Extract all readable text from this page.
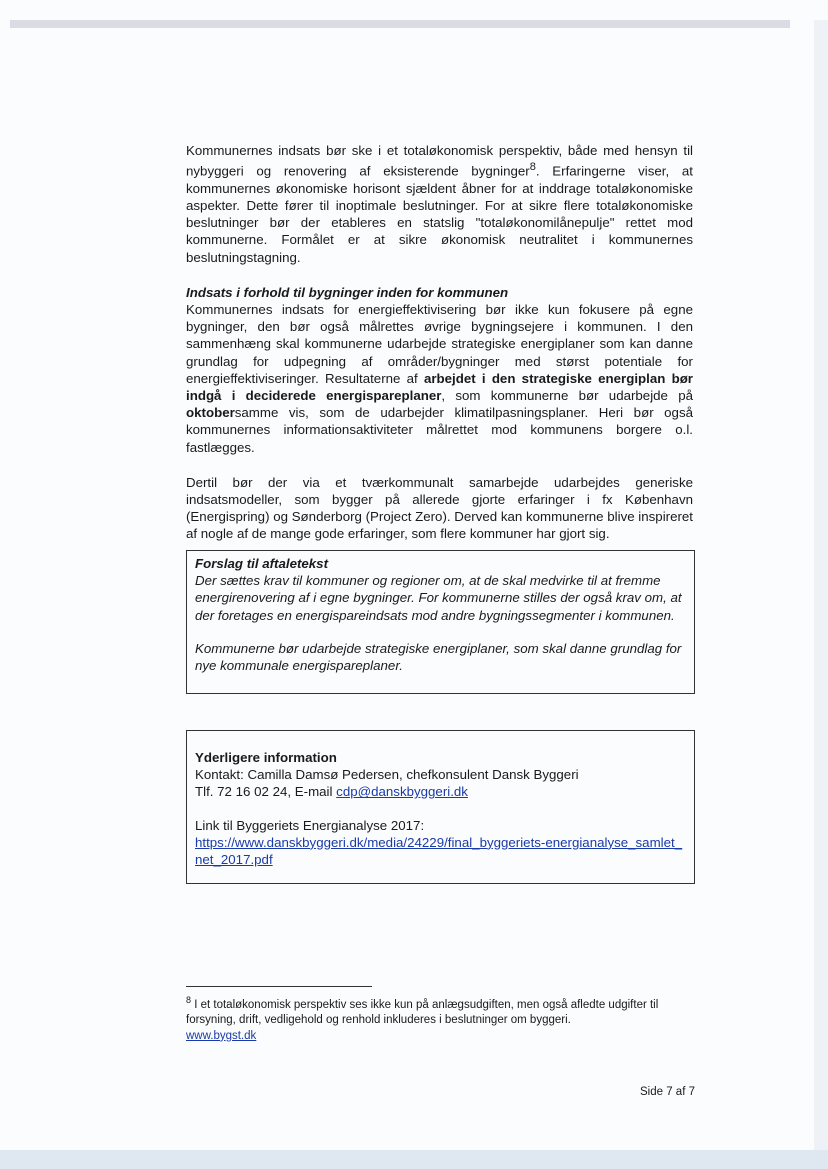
Kommunernes indsats bør ske i et totaløkonomisk perspektiv, både med hensyn til nybyggeri og renovering af eksisterende bygninger$^8$. Erfaringerne viser, at kommunernes økonomiske horisont sjældent åbner for at inddrage totaløkonomiske aspekter. Dette fører til inoptimale beslutninger. For at sikre flere totaløkonomiske beslutninger bør der etableres en statslig "totaløkonomilånepulje" rettet mod kommunerne. Formålet er at sikre økonomisk neutralitet i kommunernes beslutningstagning.

Indsats i forhold til bygninger inden for kommunen
Kommunernes indsats for energieffektivisering bør ikke kun fokusere på egne bygninger, den bør også målrettes øvrige bygningsejere i kommunen. I den sammenhæng skal kommunerne udarbejde strategiske energiplaner som kan danne grundlag for udpegning af områder/bygninger med størst potentiale for energieffektiviseringer. Resultaterne af arbejdet i den strategiske energiplan bør indgå i deciderede energisparеplaner, som kommunerne bør udarbejde på oktobersamme vis, som de udarbejder klimatilpasningsplaner. Heri bør også kommunernes informationsaktiviteter målrettet mod kommunens borgere o.l. fastlægges.

Dertil bør der via et tværkommunalt samarbejde udarbejdes generiske indsatsmodeller, som bygger på allerede gjorte erfaringer i fx København (Energispring) og Sønderborg (Project Zero). Derved kan kommunerne blive inspireret af nogle af de mange gode erfaringer, som flere kommuner har gjort sig.

Forslag til aftaletekst

Der sættes krav til kommuner og regioner om, at de skal medvirke til at fremme energirenovering af i egne bygninger. For kommunerne stilles der også krav om, at der foretages en energispareindsats mod andre bygningssegmenter i kommunen.

Kommunerne bør udarbejde strategiske energiplaner, som skal danne grundlag for nye kommunale energispareplaner.

Yderligere information
Kontakt: Camilla Damsø Pedersen, chefkonsulent Dansk Byggeri
Tlf. 72 16 02 24, E-mail cdp@danskbyggeri.dk
Link til Byggeriets Energianalyse 2017:
https://www.danskbyggeri.dk/media/24229/final_byggeriets-energianalyse_samlet_net_2017.pdf
$^8$ I et totaløkonomisk perspektiv ses ikke kun på anlægsudgiften, men også afledte udgifter til forsyning, drift, vedligehold og renhold inkluderes i beslutninger om byggeri.
www.bygst.dk
Side 7 af 7
